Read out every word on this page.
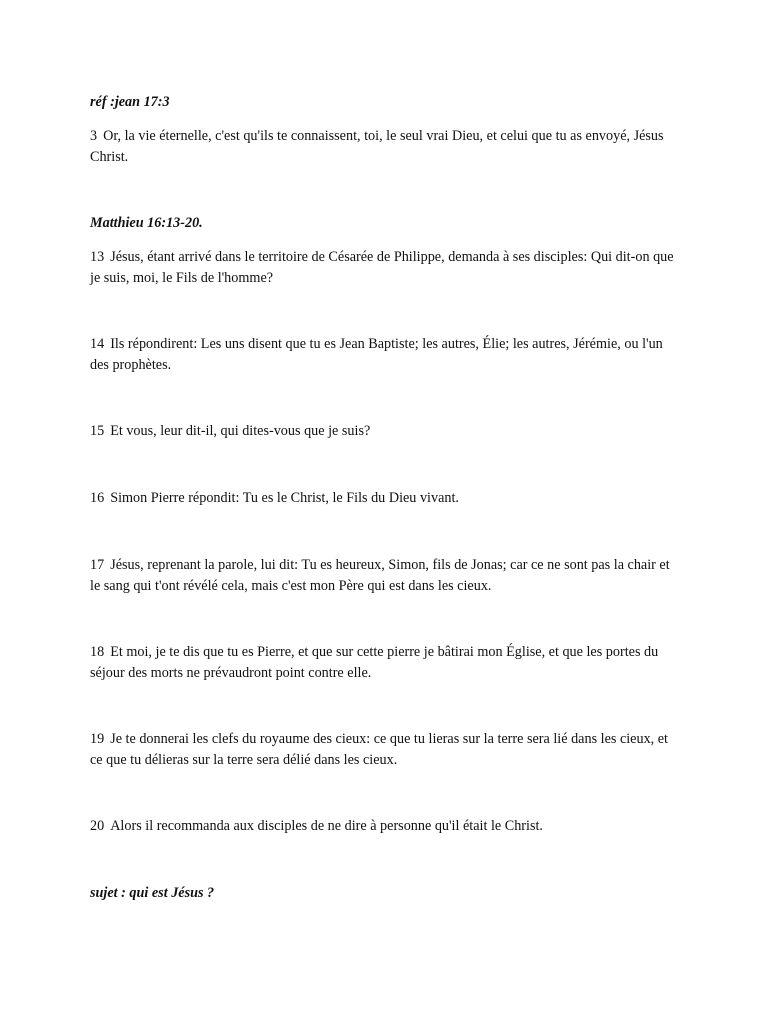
réf :jean 17:3

3 Or, la vie éternelle, c'est qu'ils te connaissent, toi, le seul vrai Dieu, et celui que tu as envoyé, Jésus Christ.

Matthieu 16:13-20.

13 Jésus, étant arrivé dans le territoire de Césarée de Philippe, demanda à ses disciples: Qui dit-on que je suis, moi, le Fils de l'homme?

14 Ils répondirent: Les uns disent que tu es Jean Baptiste; les autres, Élie; les autres, Jérémie, ou l'un des prophètes.

15 Et vous, leur dit-il, qui dites-vous que je suis?

16 Simon Pierre répondit: Tu es le Christ, le Fils du Dieu vivant.

17 Jésus, reprenant la parole, lui dit: Tu es heureux, Simon, fils de Jonas; car ce ne sont pas la chair et le sang qui t'ont révélé cela, mais c'est mon Père qui est dans les cieux.

18 Et moi, je te dis que tu es Pierre, et que sur cette pierre je bâtirai mon Église, et que les portes du séjour des morts ne prévaudront point contre elle.

19 Je te donnerai les clefs du royaume des cieux: ce que tu lieras sur la terre sera lié dans les cieux, et ce que tu délieras sur la terre sera délié dans les cieux.

20 Alors il recommanda aux disciples de ne dire à personne qu'il était le Christ.

sujet : qui est Jésus ?
